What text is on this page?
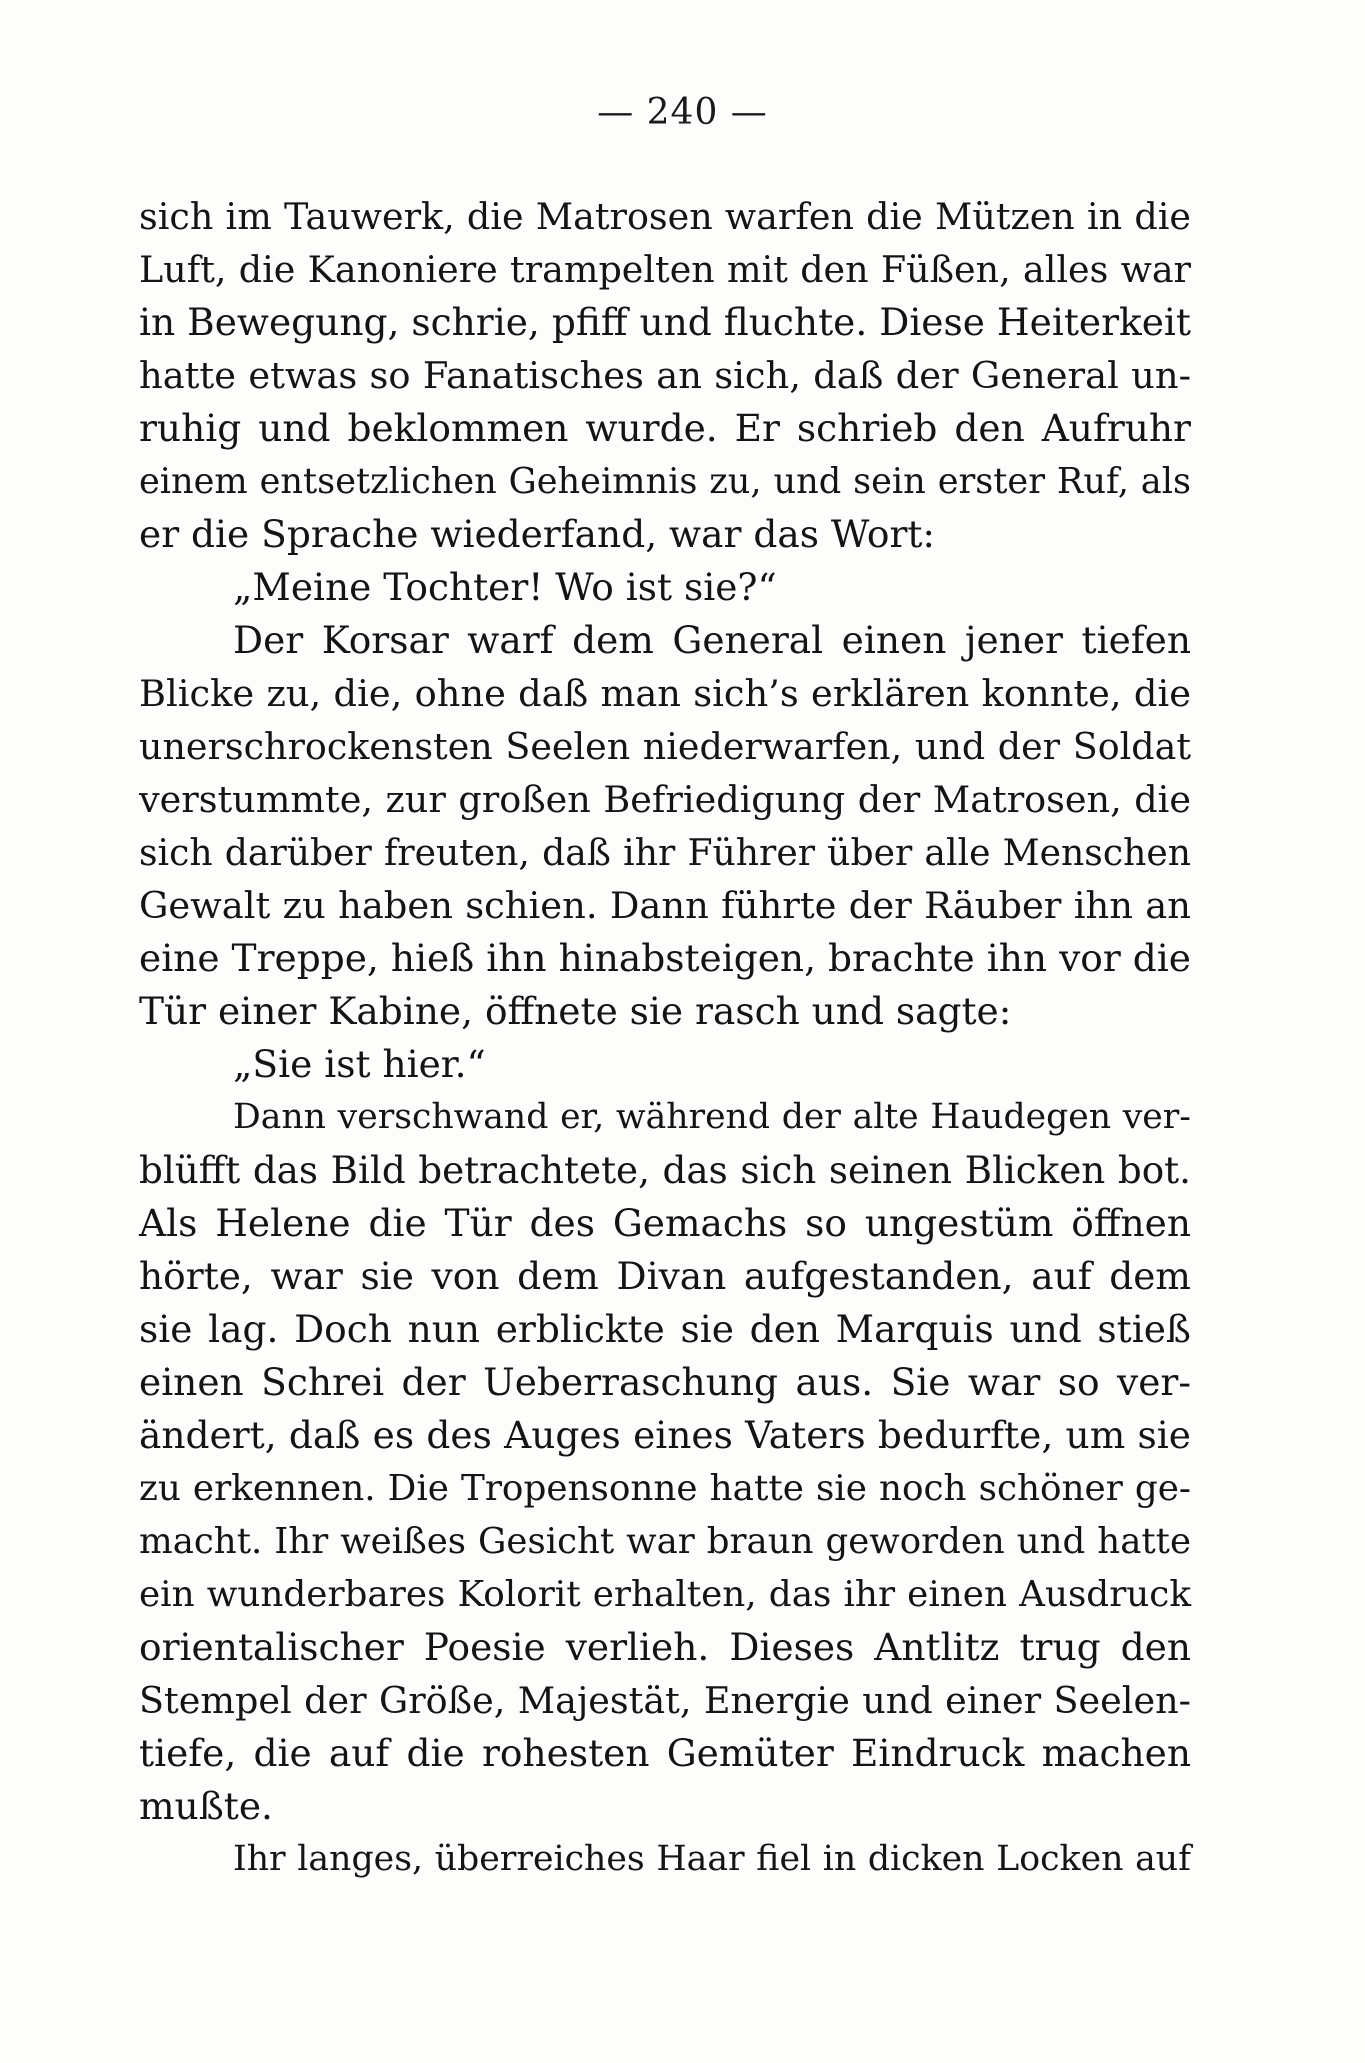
— 240 —
sich im Tauwerk, die Matrosen warfen die Mützen in die
Luft, die Kanoniere trampelten mit den Füßen, alles war
in Bewegung, schrie, pfiff und fluchte. Diese Heiterkeit
hatte etwas so Fanatisches an sich, daß der General un-
ruhig und beklommen wurde. Er schrieb den Aufruhr
einem entsetzlichen Geheimnis zu, und sein erster Ruf, als
er die Sprache wiederfand, war das Wort:
„Meine Tochter! Wo ist sie?“
Der Korsar warf dem General einen jener tiefen
Blicke zu, die, ohne daß man sich’s erklären konnte, die
unerschrockensten Seelen niederwarfen, und der Soldat
verstummte, zur großen Befriedigung der Matrosen, die
sich darüber freuten, daß ihr Führer über alle Menschen
Gewalt zu haben schien. Dann führte der Räuber ihn an
eine Treppe, hieß ihn hinabsteigen, brachte ihn vor die
Tür einer Kabine, öffnete sie rasch und sagte:
„Sie ist hier.“
Dann verschwand er, während der alte Haudegen ver-
blüfft das Bild betrachtete, das sich seinen Blicken bot.
Als Helene die Tür des Gemachs so ungestüm öffnen
hörte, war sie von dem Divan aufgestanden, auf dem
sie lag. Doch nun erblickte sie den Marquis und stieß
einen Schrei der Ueberraschung aus. Sie war so ver-
ändert, daß es des Auges eines Vaters bedurfte, um sie
zu erkennen. Die Tropensonne hatte sie noch schöner ge-
macht. Ihr weißes Gesicht war braun geworden und hatte
ein wunderbares Kolorit erhalten, das ihr einen Ausdruck
orientalischer Poesie verlieh. Dieses Antlitz trug den
Stempel der Größe, Majestät, Energie und einer Seelen-
tiefe, die auf die rohesten Gemüter Eindruck machen
mußte.
Ihr langes, überreiches Haar fiel in dicken Locken auf
